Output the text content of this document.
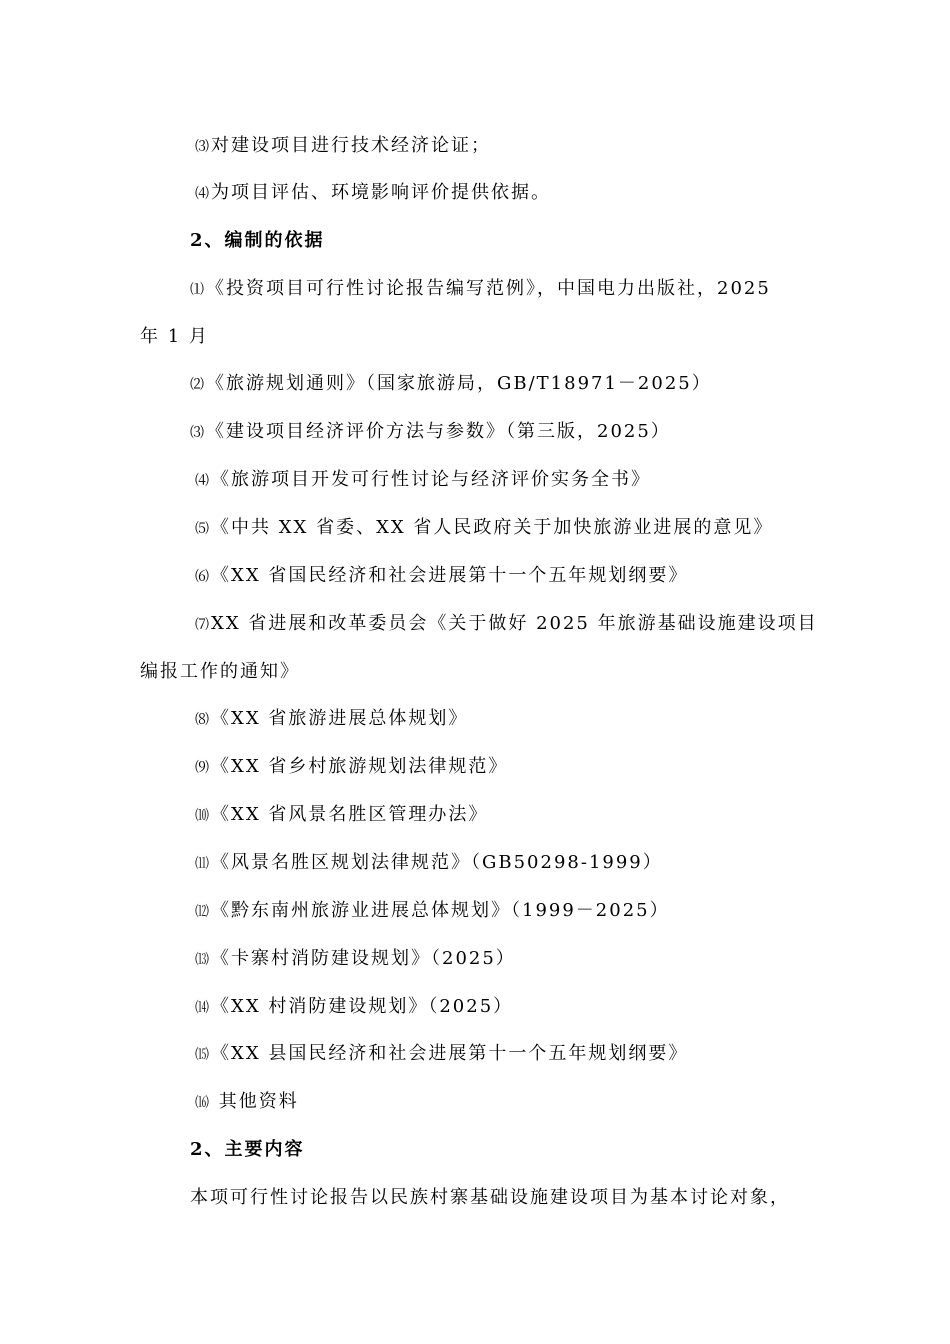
⑶ 对建设项目进行技术经济论证；
⑷ 为项目评估、环境影响评价提供依据。
2、编制的依据
⑴ 《投资项目可行性讨论报告编写范例》，中国电力出版社，2025
年 1 月
⑵ 《旅游规划通则》（国家旅游局，GB/T18971－2025）
⑶ 《建设项目经济评价方法与参数》（第三版，2025）
⑷ 《旅游项目开发可行性讨论与经济评价实务全书》
⑸ 《中共 XX 省委、XX 省人民政府关于加快旅游业进展的意见》
⑹ 《XX 省国民经济和社会进展第十一个五年规划纲要》
⑺ XX 省进展和改革委员会《关于做好 2025 年旅游基础设施建设项目
编报工作的通知》
⑻ 《XX 省旅游进展总体规划》
⑼ 《XX 省乡村旅游规划法律规范》
⑽ 《XX 省风景名胜区管理办法》
⑾ 《风景名胜区规划法律规范》（GB50298-1999）
⑿ 《黔东南州旅游业进展总体规划》（1999－2025）
⒀ 《卡寨村消防建设规划》（2025）
⒁ 《XX 村消防建设规划》（2025）
⒂ 《XX 县国民经济和社会进展第十一个五年规划纲要》
⒃ 其他资料
2、主要内容
本项可行性讨论报告以民族村寨基础设施建设项目为基本讨论对象，
